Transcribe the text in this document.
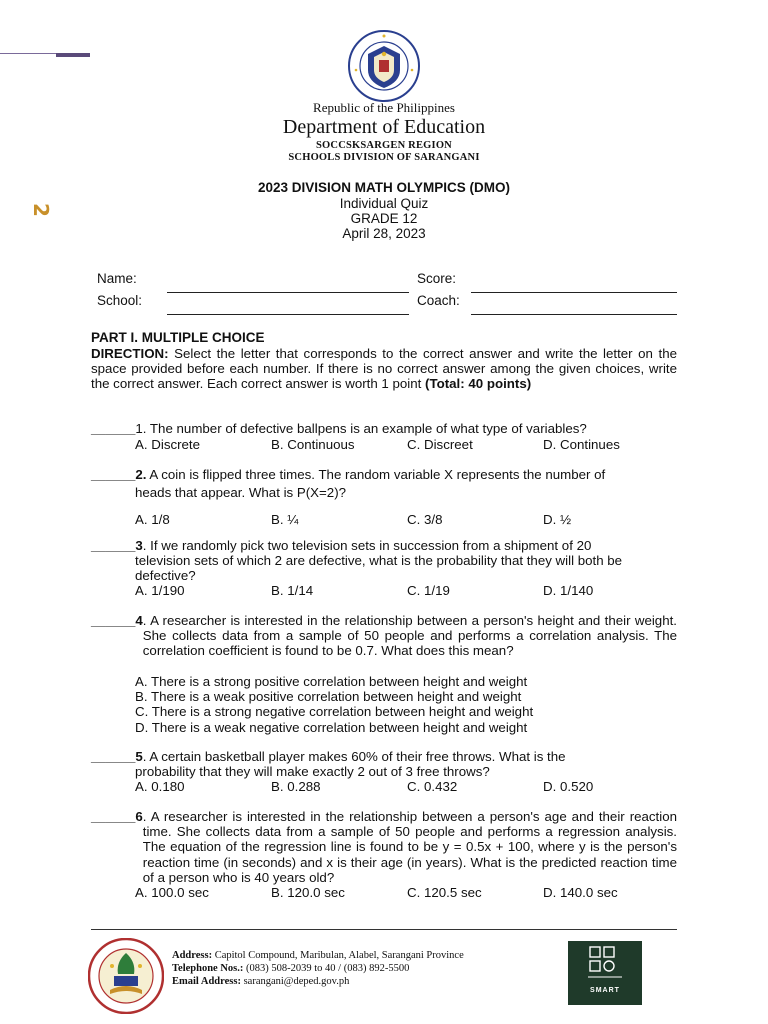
2
Republic of the Philippines
Department of Education
SOCCSKSARGEN REGION
SCHOOLS DIVISION OF SARANGANI
2023 DIVISION MATH OLYMPICS (DMO)
Individual Quiz
GRADE 12
April 28, 2023
Name:	Score:
School:	Coach:
PART I. MULTIPLE CHOICE
DIRECTION: Select the letter that corresponds to the correct answer and write the letter on the space provided before each number. If there is no correct answer among the given choices, write the correct answer. Each correct answer is worth 1 point (Total: 40 points)
______1. The number of defective ballpens is an example of what type of variables?
A. Discrete	B. Continuous	C. Discreet	D. Continues
______2. A coin is flipped three times. The random variable X represents the number of
heads that appear. What is P(X=2)?
A. 1/8	B. ¼	C. 3/8	D. ½
______3. If we randomly pick two television sets in succession from a shipment of 20
television sets of which 2 are defective, what is the probability that they will both be defective?
A. 1/190	B. 1/14	C. 1/19	D. 1/140
______4 . A researcher is interested in the relationship between a person's height and their weight. She collects data from a sample of 50 people and performs a correlation analysis. The correlation coefficient is found to be 0.7. What does this mean?
A. There is a strong positive correlation between height and weight
B. There is a weak positive correlation between height and weight
C. There is a strong negative correlation between height and weight
D. There is a weak negative correlation between height and weight
______5. A certain basketball player makes 60% of their free throws. What is the
probability that they will make exactly 2 out of 3 free throws?
A. 0.180	B. 0.288	C. 0.432	D. 0.520
______6 . A researcher is interested in the relationship between a person's age and their reaction time. She collects data from a sample of 50 people and performs a regression analysis. The equation of the regression line is found to be y = 0.5x + 100, where y is the person's reaction time (in seconds) and x is their age (in years). What is the predicted reaction time of a person who is 40 years old?
A. 100.0 sec	B. 120.0 sec	C. 120.5 sec	D. 140.0 sec
Address: Capitol Compound, Maribulan, Alabel, Sarangani Province
Telephone Nos.: (083) 508-2039 to 40 / (083) 892-5500
Email Address: sarangani@deped.gov.ph
SMART
